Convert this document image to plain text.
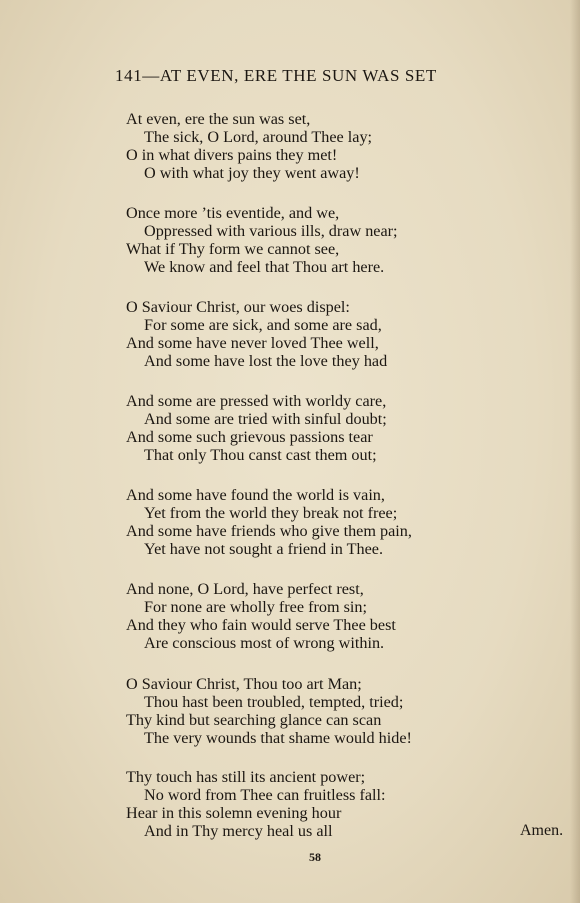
141—AT EVEN, ERE THE SUN WAS SET
At even, ere the sun was set,
The sick, O Lord, around Thee lay;
O in what divers pains they met!
O with what joy they went away!
Once more ’tis eventide, and we,
Oppressed with various ills, draw near;
What if Thy form we cannot see,
We know and feel that Thou art here.
O Saviour Christ, our woes dispel:
For some are sick, and some are sad,
And some have never loved Thee well,
And some have lost the love they had
And some are pressed with worldy care,
And some are tried with sinful doubt;
And some such grievous passions tear
That only Thou canst cast them out;
And some have found the world is vain,
Yet from the world they break not free;
And some have friends who give them pain,
Yet have not sought a friend in Thee.
And none, O Lord, have perfect rest,
For none are wholly free from sin;
And they who fain would serve Thee best
Are conscious most of wrong within.
O Saviour Christ, Thou too art Man;
Thou hast been troubled, tempted, tried;
Thy kind but searching glance can scan
The very wounds that shame would hide!
Thy touch has still its ancient power;
No word from Thee can fruitless fall:
Hear in this solemn evening hour
And in Thy mercy heal us all	Amen.
58
